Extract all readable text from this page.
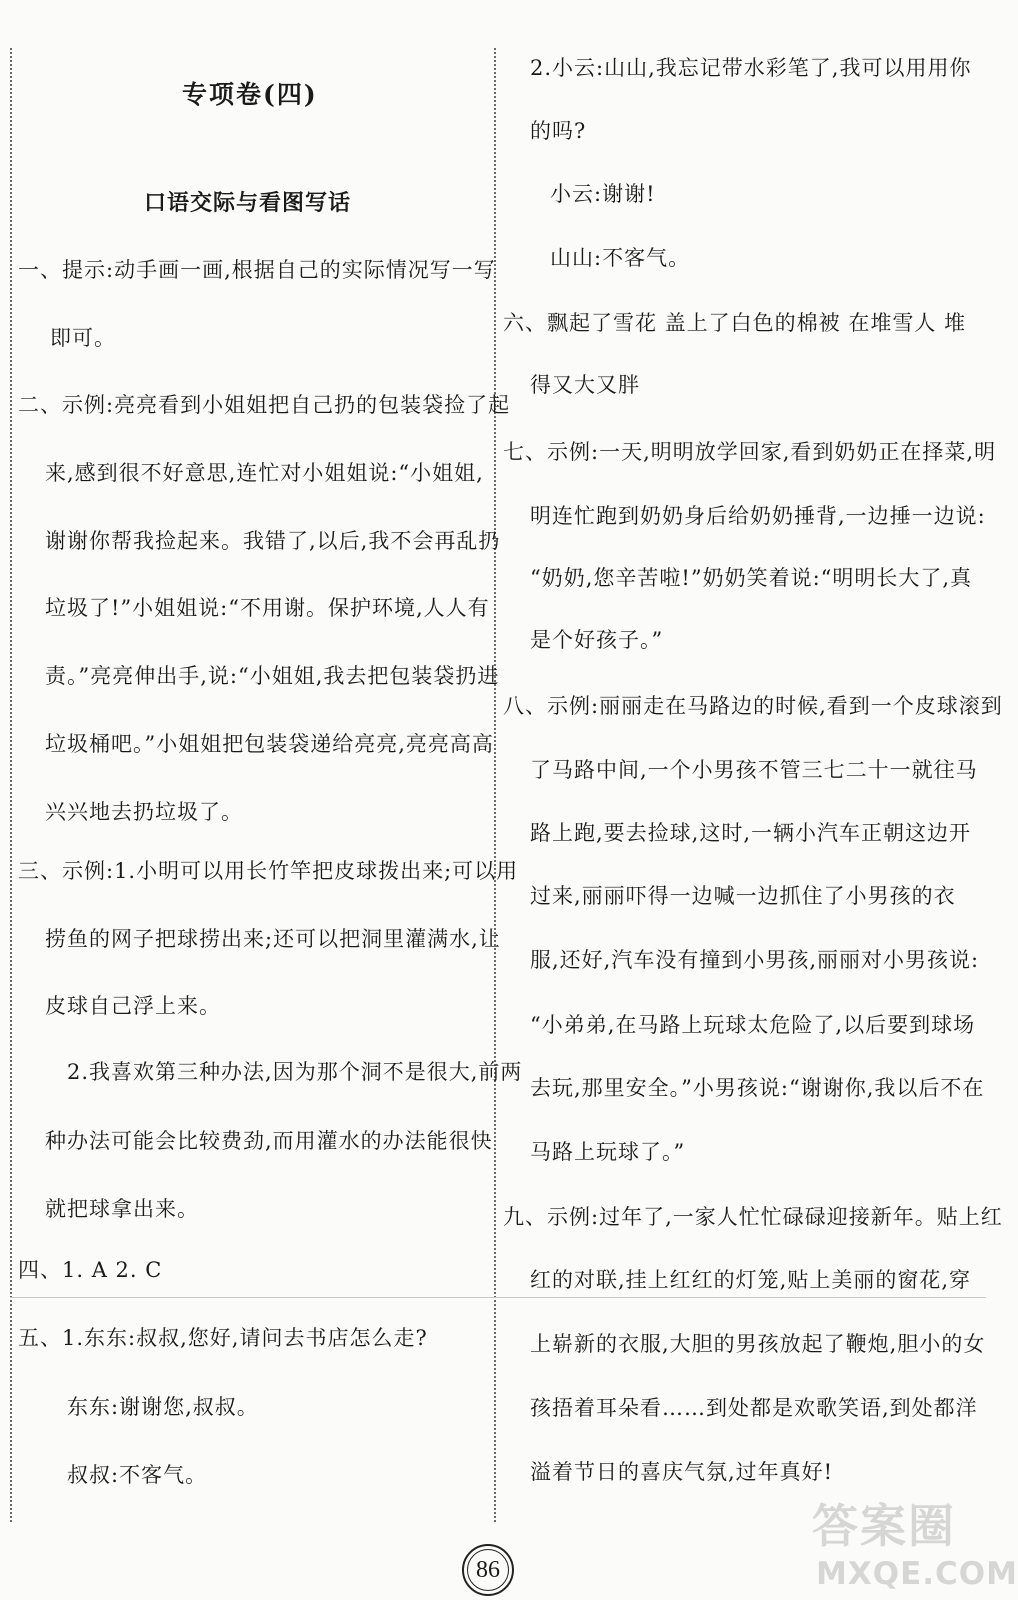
专项卷(四)
口语交际与看图写话
一、提示:动手画一画,根据自己的实际情况写一写
即可。
二、示例:亮亮看到小姐姐把自己扔的包装袋捡了起
来,感到很不好意思,连忙对小姐姐说:“小姐姐,
谢谢你帮我捡起来。我错了,以后,我不会再乱扔
垃圾了!”小姐姐说:“不用谢。保护环境,人人有
责。”亮亮伸出手,说:“小姐姐,我去把包装袋扔进
垃圾桶吧。”小姐姐把包装袋递给亮亮,亮亮高高
兴兴地去扔垃圾了。
三、示例:1.小明可以用长竹竿把皮球拨出来;可以用
捞鱼的网子把球捞出来;还可以把洞里灌满水,让
皮球自己浮上来。
2.我喜欢第三种办法,因为那个洞不是很大,前两
种办法可能会比较费劲,而用灌水的办法能很快
就把球拿出来。
四、1. A 2. C
五、1.东东:叔叔,您好,请问去书店怎么走?
东东:谢谢您,叔叔。
叔叔:不客气。
2.小云:山山,我忘记带水彩笔了,我可以用用你
的吗?
小云:谢谢!
山山:不客气。
六、飘起了雪花 盖上了白色的棉被 在堆雪人 堆
得又大又胖
七、示例:一天,明明放学回家,看到奶奶正在择菜,明
明连忙跑到奶奶身后给奶奶捶背,一边捶一边说:
“奶奶,您辛苦啦!”奶奶笑着说:“明明长大了,真
是个好孩子。”
八、示例:丽丽走在马路边的时候,看到一个皮球滚到
了马路中间,一个小男孩不管三七二十一就往马
路上跑,要去捡球,这时,一辆小汽车正朝这边开
过来,丽丽吓得一边喊一边抓住了小男孩的衣
服,还好,汽车没有撞到小男孩,丽丽对小男孩说:
“小弟弟,在马路上玩球太危险了,以后要到球场
去玩,那里安全。”小男孩说:“谢谢你,我以后不在
马路上玩球了。”
九、示例:过年了,一家人忙忙碌碌迎接新年。贴上红
红的对联,挂上红红的灯笼,贴上美丽的窗花,穿
上崭新的衣服,大胆的男孩放起了鞭炮,胆小的女
孩捂着耳朵看……到处都是欢歌笑语,到处都洋
溢着节日的喜庆气氛,过年真好!
86
答案圈
MXQE.COM
